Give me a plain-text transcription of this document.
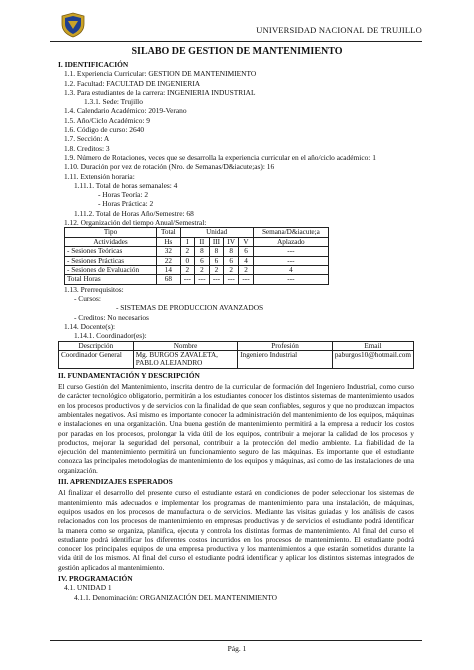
UNIVERSIDAD NACIONAL DE TRUJILLO
SILABO DE GESTION DE MANTENIMIENTO
I. IDENTIFICACIÓN
1.1. Experiencia Curricular: GESTION DE MANTENIMIENTO
1.2. Facultad: FACULTAD DE INGENIERIA
1.3. Para estudiantes de la carrera: INGENIERIA INDUSTRIAL
1.3.1. Sede: Trujillo
1.4. Calendario Académico: 2019-Verano
1.5. Año/Ciclo Académico: 9
1.6. Código de curso: 2640
1.7. Sección: A
1.8. Creditos: 3
1.9. Número de Rotaciones, veces que se desarrolla la experiencia curricular en el año/ciclo académico: 1
1.10. Duración por vez de rotación (Nro. de Semanas/D&iacute;as): 16
1.11. Extensión horaria:
1.11.1. Total de horas semanales: 4
- Horas Teoría: 2
- Horas Práctica: 2
1.11.2. Total de Horas Año/Semestre: 68
1.12. Organización del tiempo Anual/Semestral:
Tipo	Total	Unidad					Semana/D&iacute;a
Actividades	Hs	I	II	III	IV	V	Aplazado
- Sesiones Teóricas	32	2	8	8	8	6	---
- Sesiones Prácticas	22	0	6	6	6	4	---
- Sesiones de Evaluación	14	2	2	2	2	2	4
Total Horas	68	---	---	---	---	---	---
1.13. Prerrequisitos:
- Cursos:
- SISTEMAS DE PRODUCCION AVANZADOS
- Creditos: No necesarios
1.14. Docente(s):
1.14.1. Coordinador(es):
Descripción	Nombre	Profesión	Email
Coordinador General	Mg. BURGOS ZAVALETA, PABLO ALEJANDRO	Ingeniero Industrial	paburgos10@hotmail.com
II. FUNDAMENTACIÓN Y DESCRIPCIÓN
El curso Gestión del Mantenimiento, inscrita dentro de la curricular de formación del Ingeniero Industrial, como curso de carácter tecnológico obligatorio, permitirán a los estudiantes conocer los distintos sistemas de mantenimiento usados en los procesos productivos y de servicios con la finalidad de que sean confiables, seguros y que no produzcan impactos ambientales negativos. Así mismo es importante conocer la administración del mantenimiento de los equipos, máquinas e instalaciones en una organización. Una buena gestión de mantenimiento permitirá a la empresa a reducir los costos por paradas en los procesos, prolongar la vida útil de los equipos, contribuir a mejorar la calidad de los procesos y productos, mejorar la seguridad del personal, contribuir a la protección del medio ambiente. La fiabilidad de la ejecución del mantenimiento permitirá un funcionamiento seguro de las máquinas. Es importante que el estudiante conozca las principales metodologías de mantenimiento de los equipos y máquinas, así como de las instalaciones de una organización.
III. APRENDIZAJES ESPERADOS
Al finalizar el desarrollo del presente curso el estudiante estará en condiciones de poder seleccionar los sistemas de mantenimiento más adecuados e implementar los programas de mantenimiento para una instalación, de máquinas, equipos usados en los procesos de manufactura o de servicios. Mediante las visitas guiadas y los análisis de casos relacionados con los procesos de mantenimiento en empresas productivas y de servicios el estudiante podrá identificar la manera como se organiza, planifica, ejecuta y controla los distintas formas de mantenimiento. Al final del curso el estudiante podrá identificar los diferentes costos incurridos en los procesos de mantenimiento. El estudiante podrá conocer los principales equipos de una empresa productiva y los mantenimientos a que estarán sometidos durante la vida útil de los mismos. Al final del curso el estudiante podrá identificar y aplicar los distintos sistemas integrados de gestión aplicados al mantenimiento.
IV. PROGRAMACIÓN
4.1. UNIDAD 1
4.1.1. Denominación: ORGANIZACIÓN DEL MANTENIMIENTO
Pág. 1
